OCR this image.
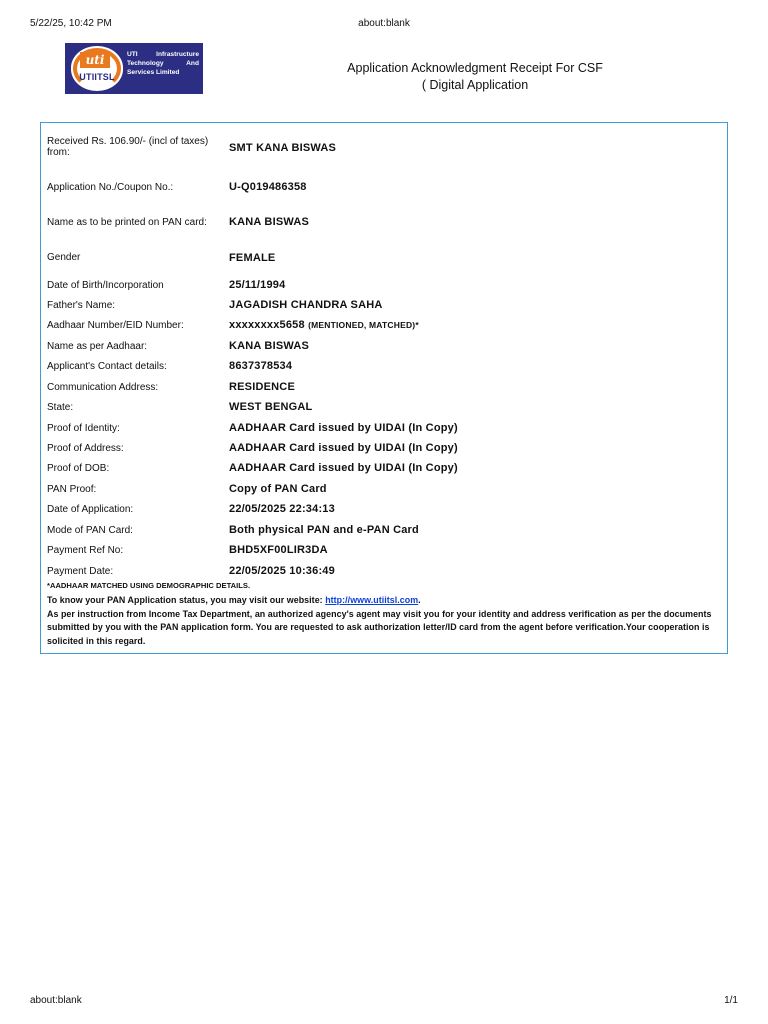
5/22/25, 10:42 PM	about:blank
uti
UTIITSL
UTI Infrastructure Technology And Services Limited	Application Acknowledgment Receipt For CSF
( Digital Application
Received Rs. 106.90/- (incl of taxes) from:	SMT KANA BISWAS
Application No./Coupon No.:	U-Q019486358
Name as to be printed on PAN card:	KANA BISWAS
Gender	FEMALE
Date of Birth/Incorporation	25/11/1994
Father's Name:	JAGADISH CHANDRA SAHA
Aadhaar Number/EID Number:	xxxxxxxx5658 (MENTIONED, MATCHED)*
Name as per Aadhaar:	KANA BISWAS
Applicant's Contact details:	8637378534
Communication Address:	RESIDENCE
State:	WEST BENGAL
Proof of Identity:	AADHAAR Card issued by UIDAI (In Copy)
Proof of Address:	AADHAAR Card issued by UIDAI (In Copy)
Proof of DOB:	AADHAAR Card issued by UIDAI (In Copy)
PAN Proof:	Copy of PAN Card
Date of Application:	22/05/2025 22:34:13
Mode of PAN Card:	Both physical PAN and e-PAN Card
Payment Ref No:	BHD5XF00LIR3DA
Payment Date:	22/05/2025 10:36:49
*AADHAAR MATCHED USING DEMOGRAPHIC DETAILS.
To know your PAN Application status, you may visit our website: http://www.utiitsl.com.
As per instruction from Income Tax Department, an authorized agency's agent may visit you for your identity and address verification as per the documents submitted by you with the PAN application form. You are requested to ask authorization letter/ID card from the agent before verification.Your cooperation is solicited in this regard.
about:blank	1/1
